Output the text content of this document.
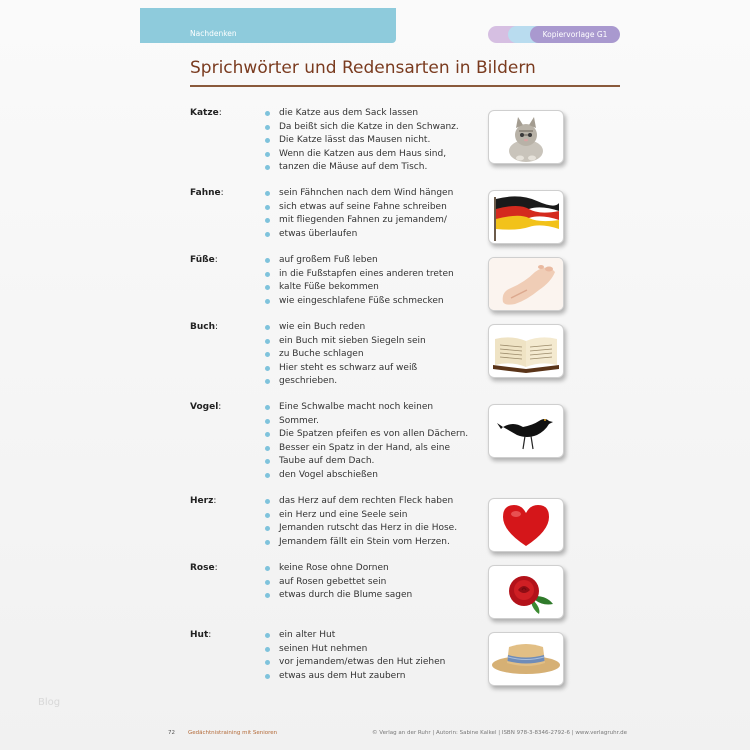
Nachdenken	Kopiervorlage G1
Sprichwörter und Redensarten in Bildern
Katze:	die Katze aus dem Sack lassen
Da beißt sich die Katze in den Schwanz.
Die Katze lässt das Mausen nicht.
Wenn die Katzen aus dem Haus sind,
tanzen die Mäuse auf dem Tisch.
Fahne:	sein Fähnchen nach dem Wind hängen
sich etwas auf seine Fahne schreiben
mit fliegenden Fahnen zu jemandem/
etwas überlaufen
Füße:	auf großem Fuß leben
in die Fußstapfen eines anderen treten
kalte Füße bekommen
wie eingeschlafene Füße schmecken
Buch:	wie ein Buch reden
ein Buch mit sieben Siegeln sein
zu Buche schlagen
Hier steht es schwarz auf weiß
geschrieben.
Vogel:	Eine Schwalbe macht noch keinen
Sommer.
Die Spatzen pfeifen es von allen Dächern.
Besser ein Spatz in der Hand, als eine
Taube auf dem Dach.
den Vogel abschießen
Herz:	das Herz auf dem rechten Fleck haben
ein Herz und eine Seele sein
Jemanden rutscht das Herz in die Hose.
Jemandem fällt ein Stein vom Herzen.
Rose:	keine Rose ohne Dornen
auf Rosen gebettet sein
etwas durch die Blume sagen
Hut:	ein alter Hut
seinen Hut nehmen
vor jemandem/etwas den Hut ziehen
etwas aus dem Hut zaubern
Blog
72 Gedächtnistraining mit Senioren	© Verlag an der Ruhr | Autorin: Sabine Kalkel | ISBN 978-3-8346-2792-6 | www.verlagruhr.de
